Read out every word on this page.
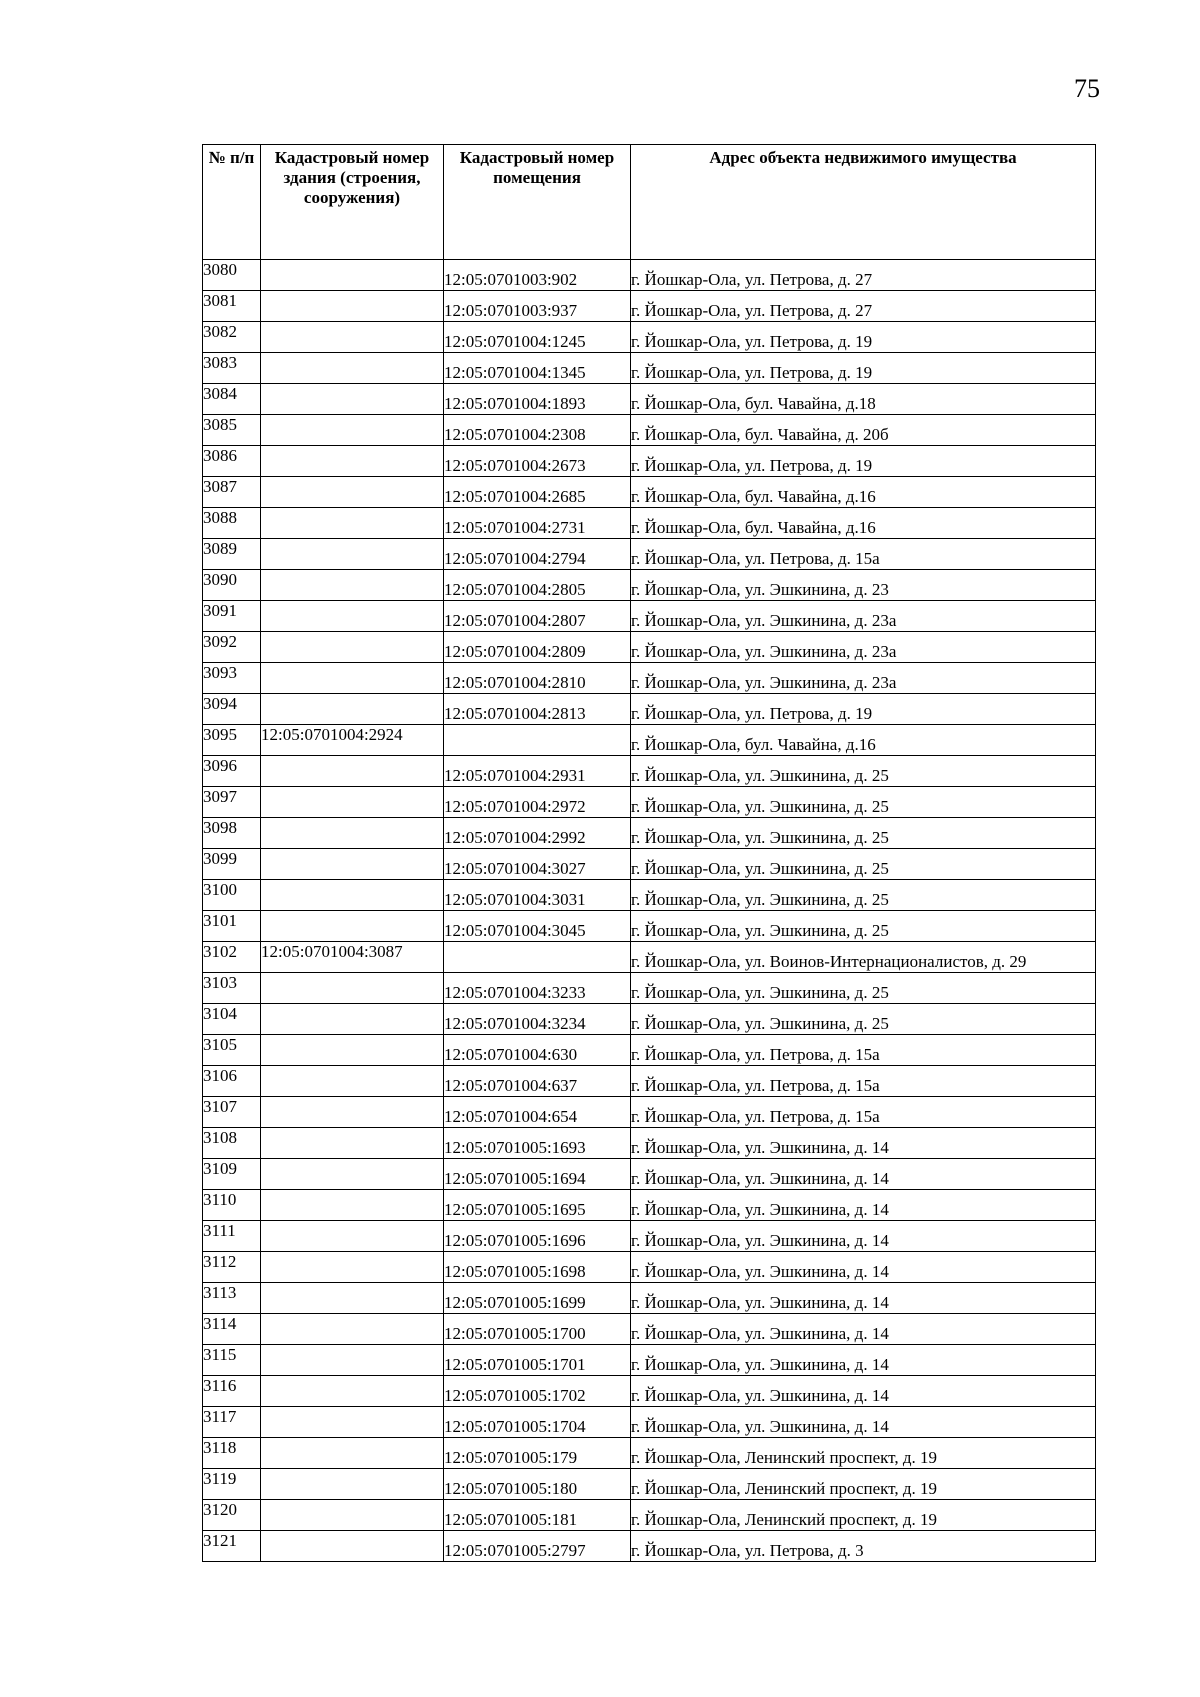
75
№ п/п	Кадастровый номер здания (строения, сооружения)	Кадастровый номер помещения	Адрес объекта недвижимого имущества
3080		12:05:0701003:902	г. Йошкар-Ола, ул. Петрова, д. 27
3081		12:05:0701003:937	г. Йошкар-Ола, ул. Петрова, д. 27
3082		12:05:0701004:1245	г. Йошкар-Ола, ул. Петрова, д. 19
3083		12:05:0701004:1345	г. Йошкар-Ола, ул. Петрова, д. 19
3084		12:05:0701004:1893	г. Йошкар-Ола, бул. Чавайна, д.18
3085		12:05:0701004:2308	г. Йошкар-Ола, бул. Чавайна, д. 20б
3086		12:05:0701004:2673	г. Йошкар-Ола, ул. Петрова, д. 19
3087		12:05:0701004:2685	г. Йошкар-Ола, бул. Чавайна, д.16
3088		12:05:0701004:2731	г. Йошкар-Ола, бул. Чавайна, д.16
3089		12:05:0701004:2794	г. Йошкар-Ола, ул. Петрова, д. 15а
3090		12:05:0701004:2805	г. Йошкар-Ола, ул. Эшкинина, д. 23
3091		12:05:0701004:2807	г. Йошкар-Ола, ул. Эшкинина, д. 23а
3092		12:05:0701004:2809	г. Йошкар-Ола, ул. Эшкинина, д. 23а
3093		12:05:0701004:2810	г. Йошкар-Ола, ул. Эшкинина, д. 23а
3094		12:05:0701004:2813	г. Йошкар-Ола, ул. Петрова, д. 19
3095	12:05:0701004:2924		г. Йошкар-Ола, бул. Чавайна, д.16
3096		12:05:0701004:2931	г. Йошкар-Ола, ул. Эшкинина, д. 25
3097		12:05:0701004:2972	г. Йошкар-Ола, ул. Эшкинина, д. 25
3098		12:05:0701004:2992	г. Йошкар-Ола, ул. Эшкинина, д. 25
3099		12:05:0701004:3027	г. Йошкар-Ола, ул. Эшкинина, д. 25
3100		12:05:0701004:3031	г. Йошкар-Ола, ул. Эшкинина, д. 25
3101		12:05:0701004:3045	г. Йошкар-Ола, ул. Эшкинина, д. 25
3102	12:05:0701004:3087		г. Йошкар-Ола, ул. Воинов-Интернационалистов, д. 29
3103		12:05:0701004:3233	г. Йошкар-Ола, ул. Эшкинина, д. 25
3104		12:05:0701004:3234	г. Йошкар-Ола, ул. Эшкинина, д. 25
3105		12:05:0701004:630	г. Йошкар-Ола, ул. Петрова, д. 15а
3106		12:05:0701004:637	г. Йошкар-Ола, ул. Петрова, д. 15а
3107		12:05:0701004:654	г. Йошкар-Ола, ул. Петрова, д. 15а
3108		12:05:0701005:1693	г. Йошкар-Ола, ул. Эшкинина, д. 14
3109		12:05:0701005:1694	г. Йошкар-Ола, ул. Эшкинина, д. 14
3110		12:05:0701005:1695	г. Йошкар-Ола, ул. Эшкинина, д. 14
3111		12:05:0701005:1696	г. Йошкар-Ола, ул. Эшкинина, д. 14
3112		12:05:0701005:1698	г. Йошкар-Ола, ул. Эшкинина, д. 14
3113		12:05:0701005:1699	г. Йошкар-Ола, ул. Эшкинина, д. 14
3114		12:05:0701005:1700	г. Йошкар-Ола, ул. Эшкинина, д. 14
3115		12:05:0701005:1701	г. Йошкар-Ола, ул. Эшкинина, д. 14
3116		12:05:0701005:1702	г. Йошкар-Ола, ул. Эшкинина, д. 14
3117		12:05:0701005:1704	г. Йошкар-Ола, ул. Эшкинина, д. 14
3118		12:05:0701005:179	г. Йошкар-Ола, Ленинский проспект, д. 19
3119		12:05:0701005:180	г. Йошкар-Ола, Ленинский проспект, д. 19
3120		12:05:0701005:181	г. Йошкар-Ола, Ленинский проспект, д. 19
3121		12:05:0701005:2797	г. Йошкар-Ола, ул. Петрова, д. 3
